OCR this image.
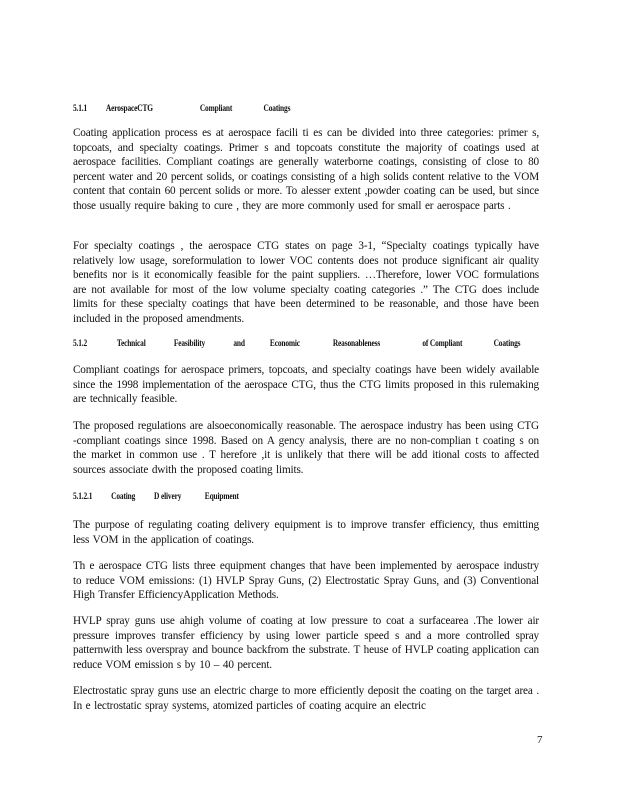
5.1.1 AerospaceCTG	Compliant	Coatings

Coating application process es at aerospace facili ti es can be divided into three categories: primer s, topcoats, and specialty coatings. Primer s and topcoats constitute the majority of coatings used at aerospace facilities. Compliant coatings are generally waterborne coatings, consisting of close to 80 percent water and 20 percent solids, or coatings consisting of a high solids content relative to the VOM content that contain 60 percent solids or more. To alesser extent ,powder coating can be used, but since those usually require baking to cure , they are more commonly used for small er aerospace parts .

For specialty coatings , the aerospace CTG states on page 3-1, “Specialty coatings typically have relatively low usage, soreformulation to lower VOC contents does not produce significant air quality benefits nor is it economically feasible for the paint suppliers. …Therefore, lower VOC formulations are not available for most of the low volume specialty coating categories .” The CTG does include limits for these specialty coatings that have been determined to be reasonable, and those have been included in the proposed amendments.

5.1.2	Technical	Feasibility	and	Economic	Reasonableness	of Compliant	Coatings

Compliant coatings for aerospace primers, topcoats, and specialty coatings have been widely available since the 1998 implementation of the aerospace CTG, thus the CTG limits proposed in this rulemaking are technically feasible.

The proposed regulations are alsoeconomically reasonable. The aerospace industry has been using CTG -compliant coatings since 1998. Based on A gency analysis, there are no non-complian t coating s on the market in common use . T herefore ,it is unlikely that there will be add itional costs to affected sources associate dwith the proposed coating limits.

5.1.2.1 Coating D elivery Equipment

The purpose of regulating coating delivery equipment is to improve transfer efficiency, thus emitting less VOM in the application of coatings.

Th e aerospace CTG lists three equipment changes that have been implemented by aerospace industry to reduce VOM emissions: (1) HVLP Spray Guns, (2) Electrostatic Spray Guns, and (3) Conventional High Transfer EfficiencyApplication Methods.

HVLP spray guns use ahigh volume of coating at low pressure to coat a surfacearea .The lower air pressure improves transfer efficiency by using lower particle speed s and a more controlled spray patternwith less overspray and bounce backfrom the substrate. T heuse of HVLP coating application can reduce VOM emission s by 10 – 40 percent.

Electrostatic spray guns use an electric charge to more efficiently deposit the coating on the target area . In e lectrostatic spray systems, atomized particles of coating acquire an electric

7
